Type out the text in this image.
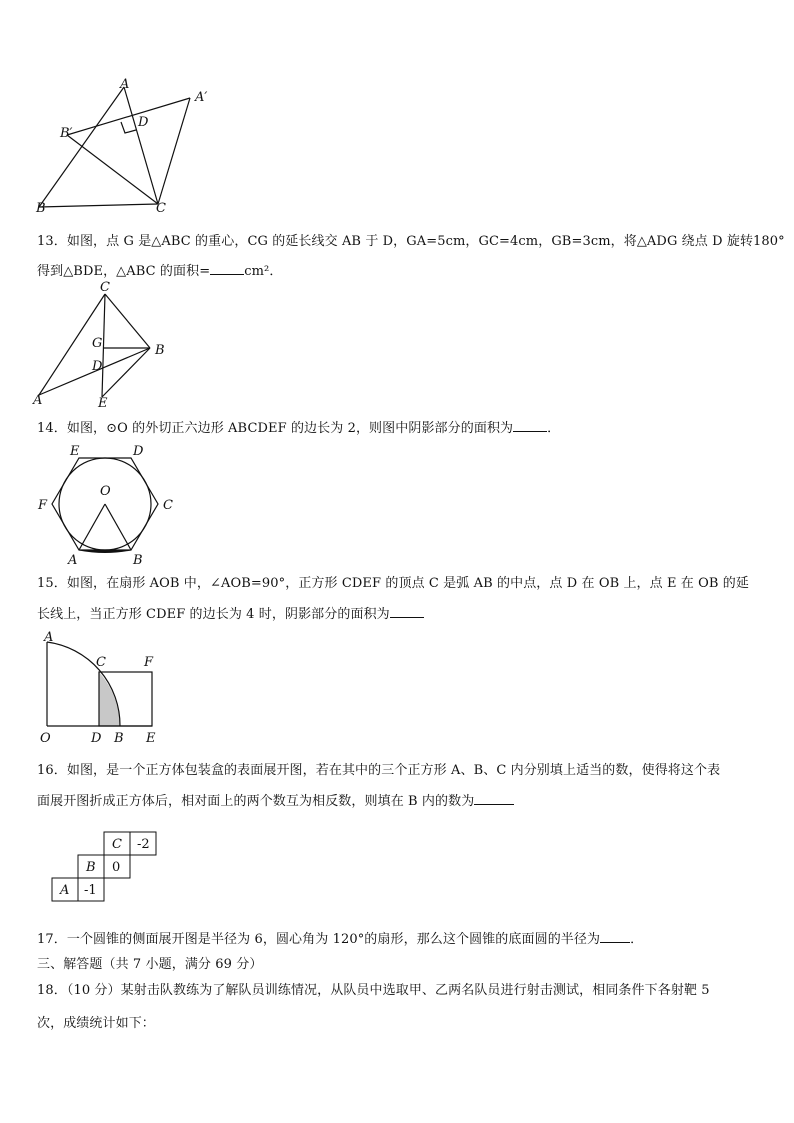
A
A′
B′
D
B	C
13．如图，点 G 是△ABC 的重心，CG 的延长线交 AB 于 D，GA=5cm，GC=4cm，GB=3cm，将△ADG 绕点 D 旋转180°
得到△BDE，△ABC 的面积=	cm²．
C
G	B
D
A	E
14．如图，⊙O 的外切正六边形 ABCDEF 的边长为 2，则图中阴影部分的面积为	．
E	D
F	C
O
A	B
15．如图，在扇形 AOB 中，∠AOB=90°，正方形 CDEF 的顶点 C 是弧 AB 的中点，点 D 在 OB 上，点 E 在 OB 的延
长线上，当正方形 CDEF 的边长为 4 时，阴影部分的面积为
A
C	F
O	D B E
16．如图，是一个正方体包装盒的表面展开图，若在其中的三个正方形 A、B、C 内分别填上适当的数，使得将这个表
面展开图折成正方体后，相对面上的两个数互为相反数，则填在 B 内的数为
C -2
B 0
A -1
17．一个圆锥的侧面展开图是半径为 6，圆心角为 120°的扇形，那么这个圆锥的底面圆的半径为 ．
三、解答题（共 7 小题，满分 69 分）
18．（10 分）某射击队教练为了解队员训练情况，从队员中选取甲、乙两名队员进行射击测试，相同条件下各射靶 5
次，成绩统计如下：
